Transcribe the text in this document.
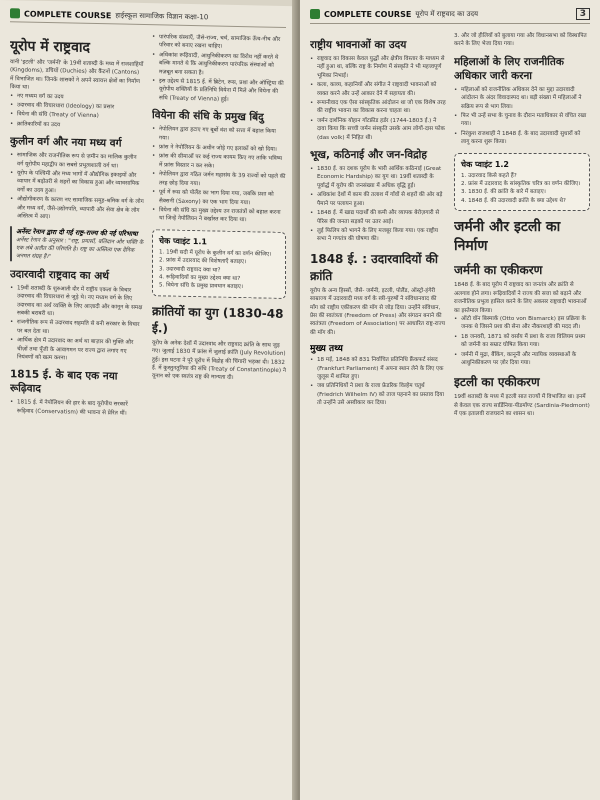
COMPLETE COURSE हाईस्कूल सामाजिक विज्ञान कक्षा-10
यूरोप में राष्ट्रवाद

यानी 'इटली' और 'जर्मनी' के 19वीं शताब्दी के मध्य में राजशाहियों (Kingdoms), डचियों (Duchies) और कैंटनों (Cantons) में विभाजित था। जिनके शासकों ने अपने स्वायत्त क्षेत्रों का निर्माण किया था।

• नए मध्यम वर्ग का उदय
• उदारवाद की विचारधारा (Ideology) का प्रसार
• वियेना की संधि (Treaty of Vienna)
• क्रांतिकारियों का उदय
कुलीन वर्ग और नया मध्य वर्ग
• सामाजिक और राजनीतिक रूप से ज़मीन का मालिक कुलीन वर्ग यूरोपीय महाद्वीप का सबसे प्रभुत्वशाली वर्ग था।
• यूरोप के पश्चिमी और मध्य भागों में औद्योगिक इकाइयों और व्यापार में बढ़ोतरी से शहरों का विकास हुआ और व्यावसायिक वर्गों का उदय हुआ।
• औद्योगीकरण के कारण नए सामाजिक समूह-श्रमिक वर्ग के लोग और मध्य वर्ग, जैसे-उद्योगपति, व्यापारी और सेवा क्षेत्र के लोग अस्तित्व में आए।
अर्नेस्ट रेनान द्वारा दी गई राष्ट्र-राज्य की नई परिभाषा

अर्नेस्ट रेनान के अनुसार : "राष्ट्र, प्रयासों, बलिदान और भक्ति के एक लंबे अतीत की परिणति है। राष्ट्र का अस्तित्व एक दैनिक जनमत संग्रह है।"

उदारवादी राष्ट्रवाद का अर्थ
• 19वीं शताब्दी के शुरुआती दौर में राष्ट्रीय एकता के विचार उदारवाद की विचारधारा से जुड़े थे। नए मध्यम वर्ग के लिए उदारवाद का अर्थ व्यक्ति के लिए आज़ादी और कानून के समक्ष सबकी बराबरी था।
• राजनीतिक रूप से उदारवाद सहमति से बनी सरकार के विचार पर बल देता था।
• आर्थिक क्षेत्र में उदारवाद का अर्थ था बाज़ार की मुक्ति और चीज़ों तथा पूँजी के आवागमन पर राज्य द्वारा लगाए गए नियंत्रणों को खत्म करना।
1815 ई. के बाद एक नया रूढ़िवाद
• 1815 ई. में नेपोलियन की हार के बाद यूरोपीय सरकारें रूढ़िवाद (Conservatism) की भावना से प्रेरित थीं।
• पारंपरिक संस्थाएँ, जैसे-राज्य, चर्च, सामाजिक ऊँच-नीच और परिवार को बनाए रखना चाहिए।
• अधिकांश रूढ़िवादी, आधुनिकीकरण का विरोध नहीं करते थे बल्कि मानते थे कि आधुनिकीकरण पारंपरिक संस्थाओं को मज़बूत बना सकता है।
• इस उद्देश्य से 1815 ई. में ब्रिटेन, रूस, प्रशा और ऑस्ट्रिया की यूरोपीय शक्तियों के प्रतिनिधि वियेना में मिले और वियेना की संधि (Treaty of Vienna) हुई।
वियेना की संधि के प्रमुख बिंदु
• नेपोलियन द्वारा हटाए गए बूर्बो वंश को सत्ता में बहाल किया गया।
• फ्रांस ने नेपोलियन के अधीन जोड़े गए इलाकों को खो दिया।
• फ्रांस की सीमाओं पर कई राज्य कायम किए गए ताकि भविष्य में फ्रांस विस्तार न कर सके।
• नेपोलियन द्वारा गठित जर्मन महासंघ के 39 राज्यों को पहले की तरह छोड़ दिया गया।
• पूर्व में रूस को पोलैंड का भाग दिया गया, जबकि प्रशा को सैक्सनी (Saxony) का एक भाग दिया गया।
• वियेना की संधि का मुख्य उद्देश्य उन राजतंत्रों को बहाल करना था जिन्हें नेपोलियन ने बर्खास्त कर दिया था।
चेक प्वाइंट 1.1

1. 19वीं सदी में यूरोप के कुलीन वर्ग का वर्णन कीजिए।

2. फ्रांस में उदारवाद की विशेषताएँ बताइए।

3. उदारवादी राष्ट्रवाद क्या था?

4. रूढ़िवादियों का मुख्य उद्देश्य क्या था?

5. वियेना संधि के प्रमुख प्रावधान बताइए।

क्रांतियों का युग (1830-48 ई.)

यूरोप के अनेक देशों में उदारवाद और राष्ट्रवाद क्रांति के साथ जुड़ गए। जुलाई 1830 में फ्रांस में जुलाई क्रांति (July Revolution) हुई। इस घटना ने पूरे यूरोप में विद्रोह की चिंगारी भड़का दी। 1832 ई. में कुस्तुनतुनिया की संधि (Treaty of Constantinople) ने यूनान को एक स्वतंत्र राष्ट्र की मान्यता दी।

COMPLETE COURSE यूरोप में राष्ट्रवाद का उदय	3
राष्ट्रीय भावनाओं का उदय
• राष्ट्रवाद का विकास केवल युद्धों और क्षेत्रीय विस्तार के माध्यम से नहीं हुआ था, बल्कि राष्ट्र के निर्माण में संस्कृति ने भी महत्त्वपूर्ण भूमिका निभाई।
• कला, काव्य, कहानियों और संगीत ने राष्ट्रवादी भावनाओं को व्यक्त करने और उन्हें आकार देने में सहायता की।
• रूमानीवाद एक ऐसा सांस्कृतिक आंदोलन था जो एक विशेष तरह की राष्ट्रीय भावना का विकास करना चाहता था।
• जर्मन दार्शनिक योहान गॉटफ्रीड हर्डर (1744-1803 ई.) ने दावा किया कि सच्ची जर्मन संस्कृति उसके आम लोगों-दास फोक (das volk) में निहित थी।
भूख, कठिनाई और जन-विद्रोह
• 1830 ई. का दशक यूरोप के भारी आर्थिक कठिनाई (Great Economic Hardship) का युग था। 19वीं शताब्दी के पूर्वार्द्ध में यूरोप की जनसंख्या में अधिक वृद्धि हुई।
• अधिकांश देशों में काम की तलाश में गाँवों से शहरों की ओर बड़े पैमाने पर पलायन हुआ।
• 1848 ई. में खाद्य पदार्थों की कमी और व्यापक बेरोज़गारी से पेरिस की जनता सड़कों पर उतर आई।
• लुई फिलिप को भागने के लिए मजबूर किया गया। एक राष्ट्रीय सभा ने गणतंत्र की घोषणा की।
1848 ई. : उदारवादियों की क्रांति

यूरोप के अन्य हिस्सों, जैसे- जर्मनी, इटली, पोलैंड, ऑस्ट्रो-हंगेरी साम्राज्य में उदारवादी मध्य वर्ग के स्त्री-पुरुषों ने संविधानवाद की माँग को राष्ट्रीय एकीकरण की माँग से जोड़ दिया। उन्होंने संविधान, प्रेस की स्वतंत्रता (Freedom of Press) और संगठन बनाने की स्वतंत्रता (Freedom of Association) पर आधारित राष्ट्र-राज्य की माँग की।

मुख्य तथ्य
• 18 मई, 1848 को 831 निर्वाचित प्रतिनिधि फ्रैंकफर्ट संसद (Frankfurt Parliament) में अपना स्थान लेने के लिए एक जुलूस में शामिल हुए।
• जब प्रतिनिधियों ने प्रशा के राजा फ्रेडरिक विल्हेम चतुर्थ (Friedrich Wilhelm IV) को ताज पहनाने का प्रस्ताव दिया तो उन्होंने उसे अस्वीकार कर दिया।

3. और जो हीलियों को बुलाया गया और विधानसभा को विस्थापित करने के लिए भेजा दिया गया।

महिलाओं के लिए राजनीतिक अधिकार जारी करना
• महिलाओं को राजनीतिक अधिकार देने का मुद्दा उदारवादी आंदोलन के अंदर विवादास्पद था। बड़ी संख्या में महिलाओं ने सक्रिय रूप से भाग लिया।
• फिर भी उन्हें सभा के चुनाव के दौरान मताधिकार से वंचित रखा गया।
• निरंकुश राजशाही ने 1848 ई. के बाद उदारवादी सुधारों को लागू करना शुरू किया।
चेक प्वाइंट 1.2

1. उदारवाद किसे कहते हैं?

2. फ्रांस में उदारवाद के सांस्कृतिक चरित्र का वर्णन कीजिए।

3. 1830 ई. की क्रांति के बारे में बताइए।

4. 1848 ई. की उदारवादी क्रांति के क्या उद्देश्य थे?

जर्मनी और इटली का निर्माण
जर्मनी का एकीकरण

1848 ई. के बाद यूरोप में राष्ट्रवाद का जनतंत्र और क्रांति से अलगाव होने लगा। रूढ़िवादियों ने राज्य की सत्ता को बढ़ाने और राजनीतिक प्रभुत्व हासिल करने के लिए अकसर राष्ट्रवादी भावनाओं का इस्तेमाल किया।

• ऑटो वॉन बिस्मार्क (Otto von Bismarck) इस प्रक्रिया के जनक थे जिसने प्रशा की सेना और नौकरशाही की मदद ली।
• 18 जनवरी, 1871 को वर्साय में प्रशा के राजा विलियम प्रथम को जर्मनी का सम्राट घोषित किया गया।
• जर्मनी में मुद्रा, बैंकिंग, कानूनी और न्यायिक व्यवस्थाओं के आधुनिकीकरण पर ज़ोर दिया गया।
इटली का एकीकरण

19वीं शताब्दी के मध्य में इटली सात राज्यों में विभाजित था। इनमें से केवल एक राज्य सार्डिनिया-पीडमॉण्ट (Sardinia-Piedmont) में एक इतालवी राजघराने का शासन था।
